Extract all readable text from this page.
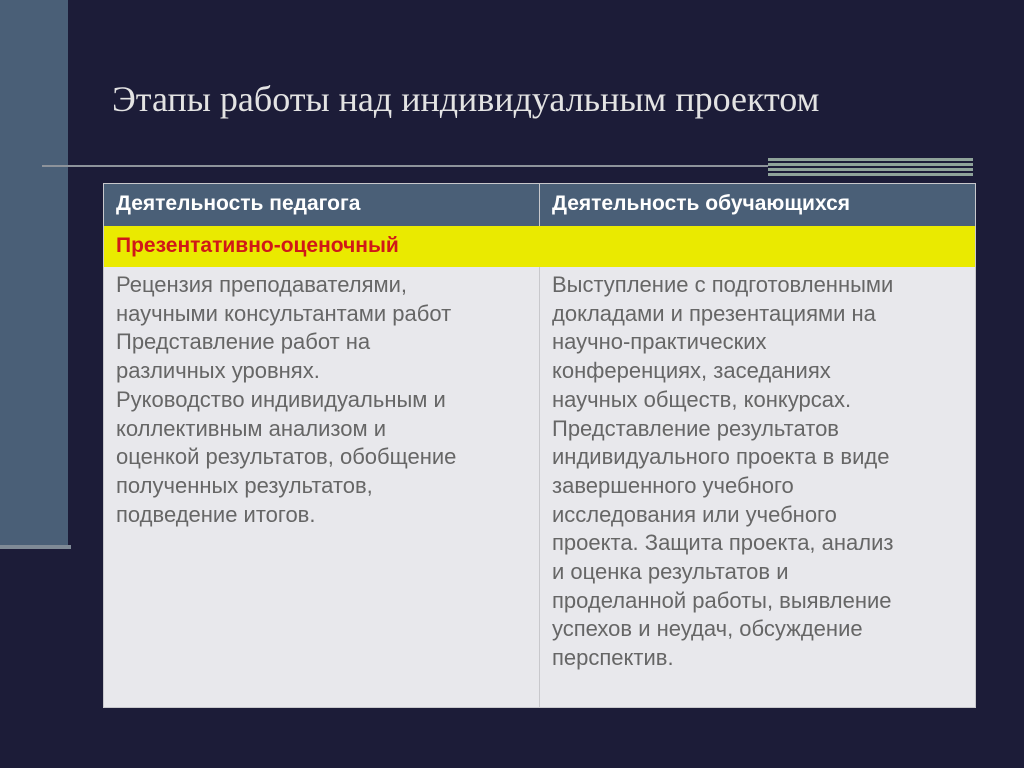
Этапы работы над индивидуальным проектом
Деятельность педагога	Деятельность обучающихся
Презентативно-оценочный
Рецензия преподавателями,
научными консультантами работ
Представление работ на
различных уровнях.
Руководство индивидуальным и
коллективным анализом и
оценкой результатов, обобщение
полученных результатов,
подведение итогов.
Выступление с подготовленными
докладами и презентациями на
научно-практических
конференциях, заседаниях
научных обществ, конкурсах.
Представление результатов
индивидуального проекта в виде
завершенного учебного
исследования или учебного
проекта. Защита проекта, анализ
и оценка результатов и
проделанной работы, выявление
успехов и неудач, обсуждение
перспектив.
